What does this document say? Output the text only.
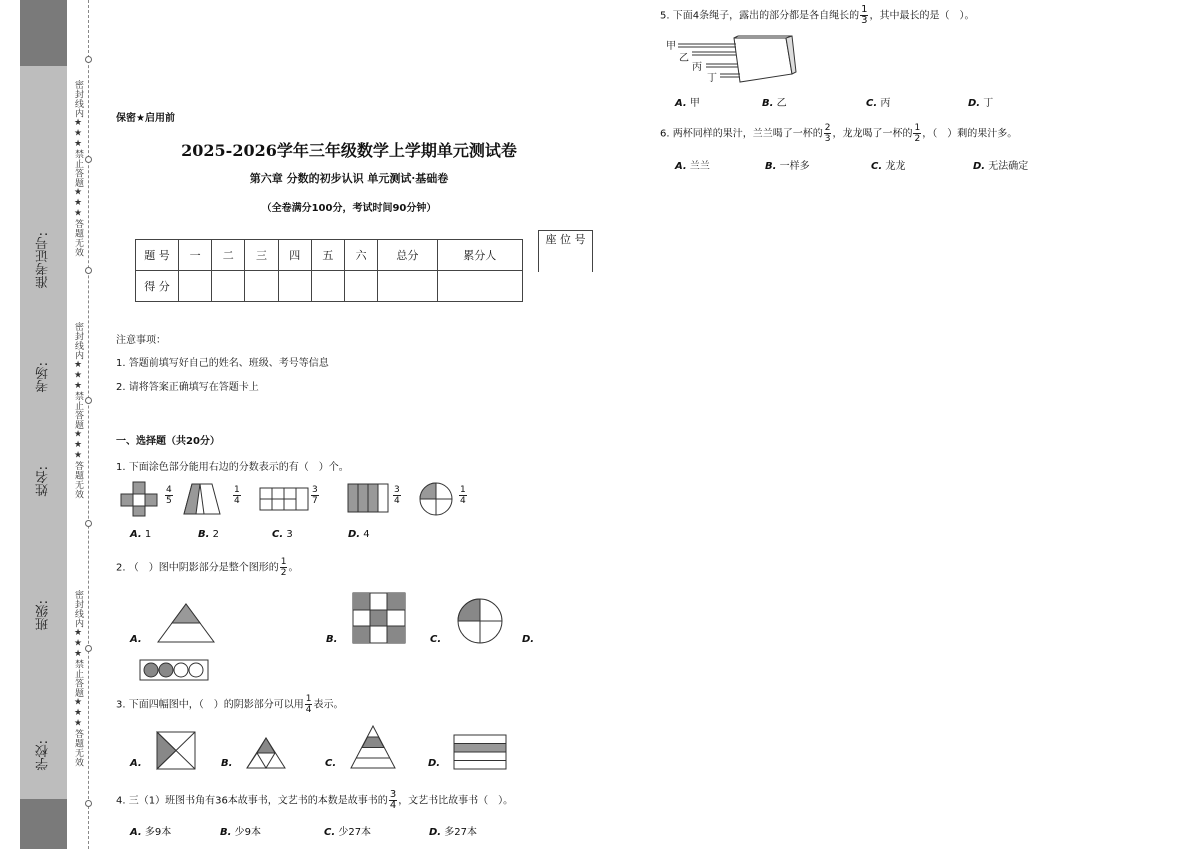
准考证号:
考场:
姓名:
班级:
学校:
密封线内★★★禁止答题★★★答题无效
密封线内★★★禁止答题★★★答题无效
密封线内★★★禁止答题★★★答题无效
保密★启用前
2025-2026学年三年级数学上学期单元测试卷
第六章 分数的初步认识 单元测试·基础卷
（全卷满分100分，考试时间90分钟）
题 号	一	二	三	四	五	六	总分	累分人
得 分								
座 位 号
注意事项：
1. 答题前填写好自己的姓名、班级、考号等信息
2. 请将答案正确填写在答题卡上
一、选择题（共20分）
1. 下面涂色部分能用右边的分数表示的有（　）个。
$\frac{4}{5}$	$\frac{1}{4}$	$\frac{3}{7}$	$\frac{3}{4}$	$\frac{1}{4}$
A. 1	B. 2	C. 3	D. 4
2. （　）图中阴影部分是整个图形的 $\frac{1}{2}$ 。
A.	B.	C.	D.
3. 下面四幅图中，（　）的阴影部分可以用 $\frac{1}{4}$ 表示。
A.	B.	C.	D.
4. 三（1）班图书角有36本故事书，文艺书的本数是故事书的 $\frac{3}{4}$ ，文艺书比故事书（　）。
A. 多9本	B. 少9本	C. 少27本	D. 多27本
5. 下面4条绳子，露出的部分都是各自绳长的 $\frac{1}{3}$ ，其中最长的是（　）。
甲
乙
丙
丁
A. 甲	B. 乙	C. 丙	D. 丁
6. 两杯同样的果汁，兰兰喝了一杯的 $\frac{2}{3}$ ，龙龙喝了一杯的 $\frac{1}{2}$ ，（　）剩的果汁多。
A. 兰兰	B. 一样多	C. 龙龙	D. 无法确定
